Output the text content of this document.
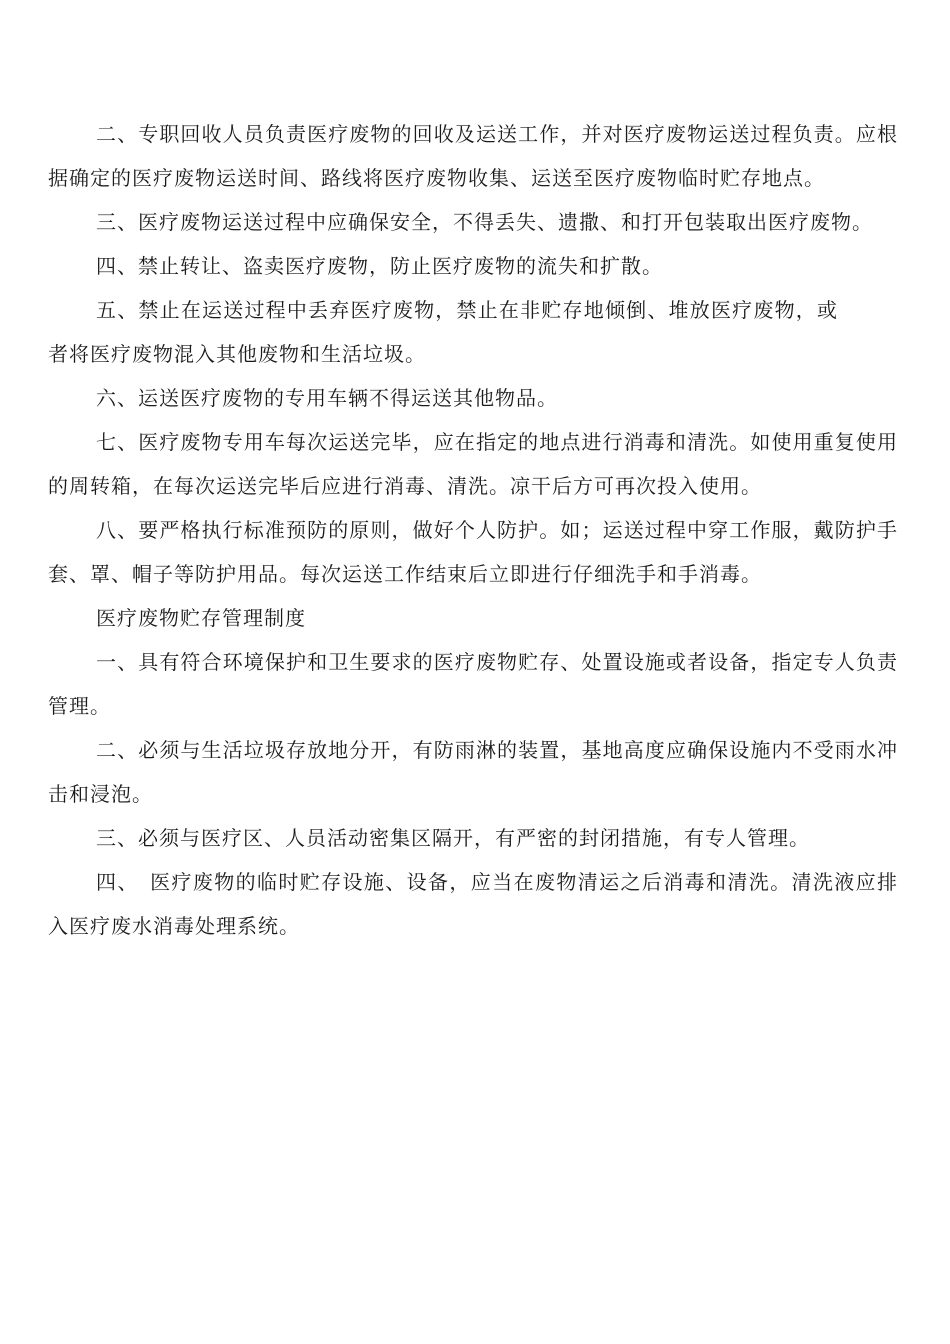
二、专职回收人员负责医疗废物的回收及运送工作，并对医疗废物运送过程负责。应根据确定的医疗废物运送时间、路线将医疗废物收集、运送至医疗废物临时贮存地点。

三、医疗废物运送过程中应确保安全，不得丢失、遗撒、和打开包装取出医疗废物。

四、禁止转让、盗卖医疗废物，防止医疗废物的流失和扩散。

五、禁止在运送过程中丢弃医疗废物，禁止在非贮存地倾倒、堆放医疗废物，或者将医疗废物混入其他废物和生活垃圾。

六、运送医疗废物的专用车辆不得运送其他物品。

七、医疗废物专用车每次运送完毕，应在指定的地点进行消毒和清洗。如使用重复使用的周转箱，在每次运送完毕后应进行消毒、清洗。凉干后方可再次投入使用。

八、要严格执行标准预防的原则，做好个人防护。如；运送过程中穿工作服，戴防护手套、罩、帽子等防护用品。每次运送工作结束后立即进行仔细洗手和手消毒。

医疗废物贮存管理制度

一、具有符合环境保护和卫生要求的医疗废物贮存、处置设施或者设备，指定专人负责管理。

二、必须与生活垃圾存放地分开，有防雨淋的装置，基地高度应确保设施内不受雨水冲击和浸泡。

三、必须与医疗区、人员活动密集区隔开，有严密的封闭措施，有专人管理。

四、　医疗废物的临时贮存设施、设备，应当在废物清运之后消毒和清洗。清洗液应排入医疗废水消毒处理系统。
